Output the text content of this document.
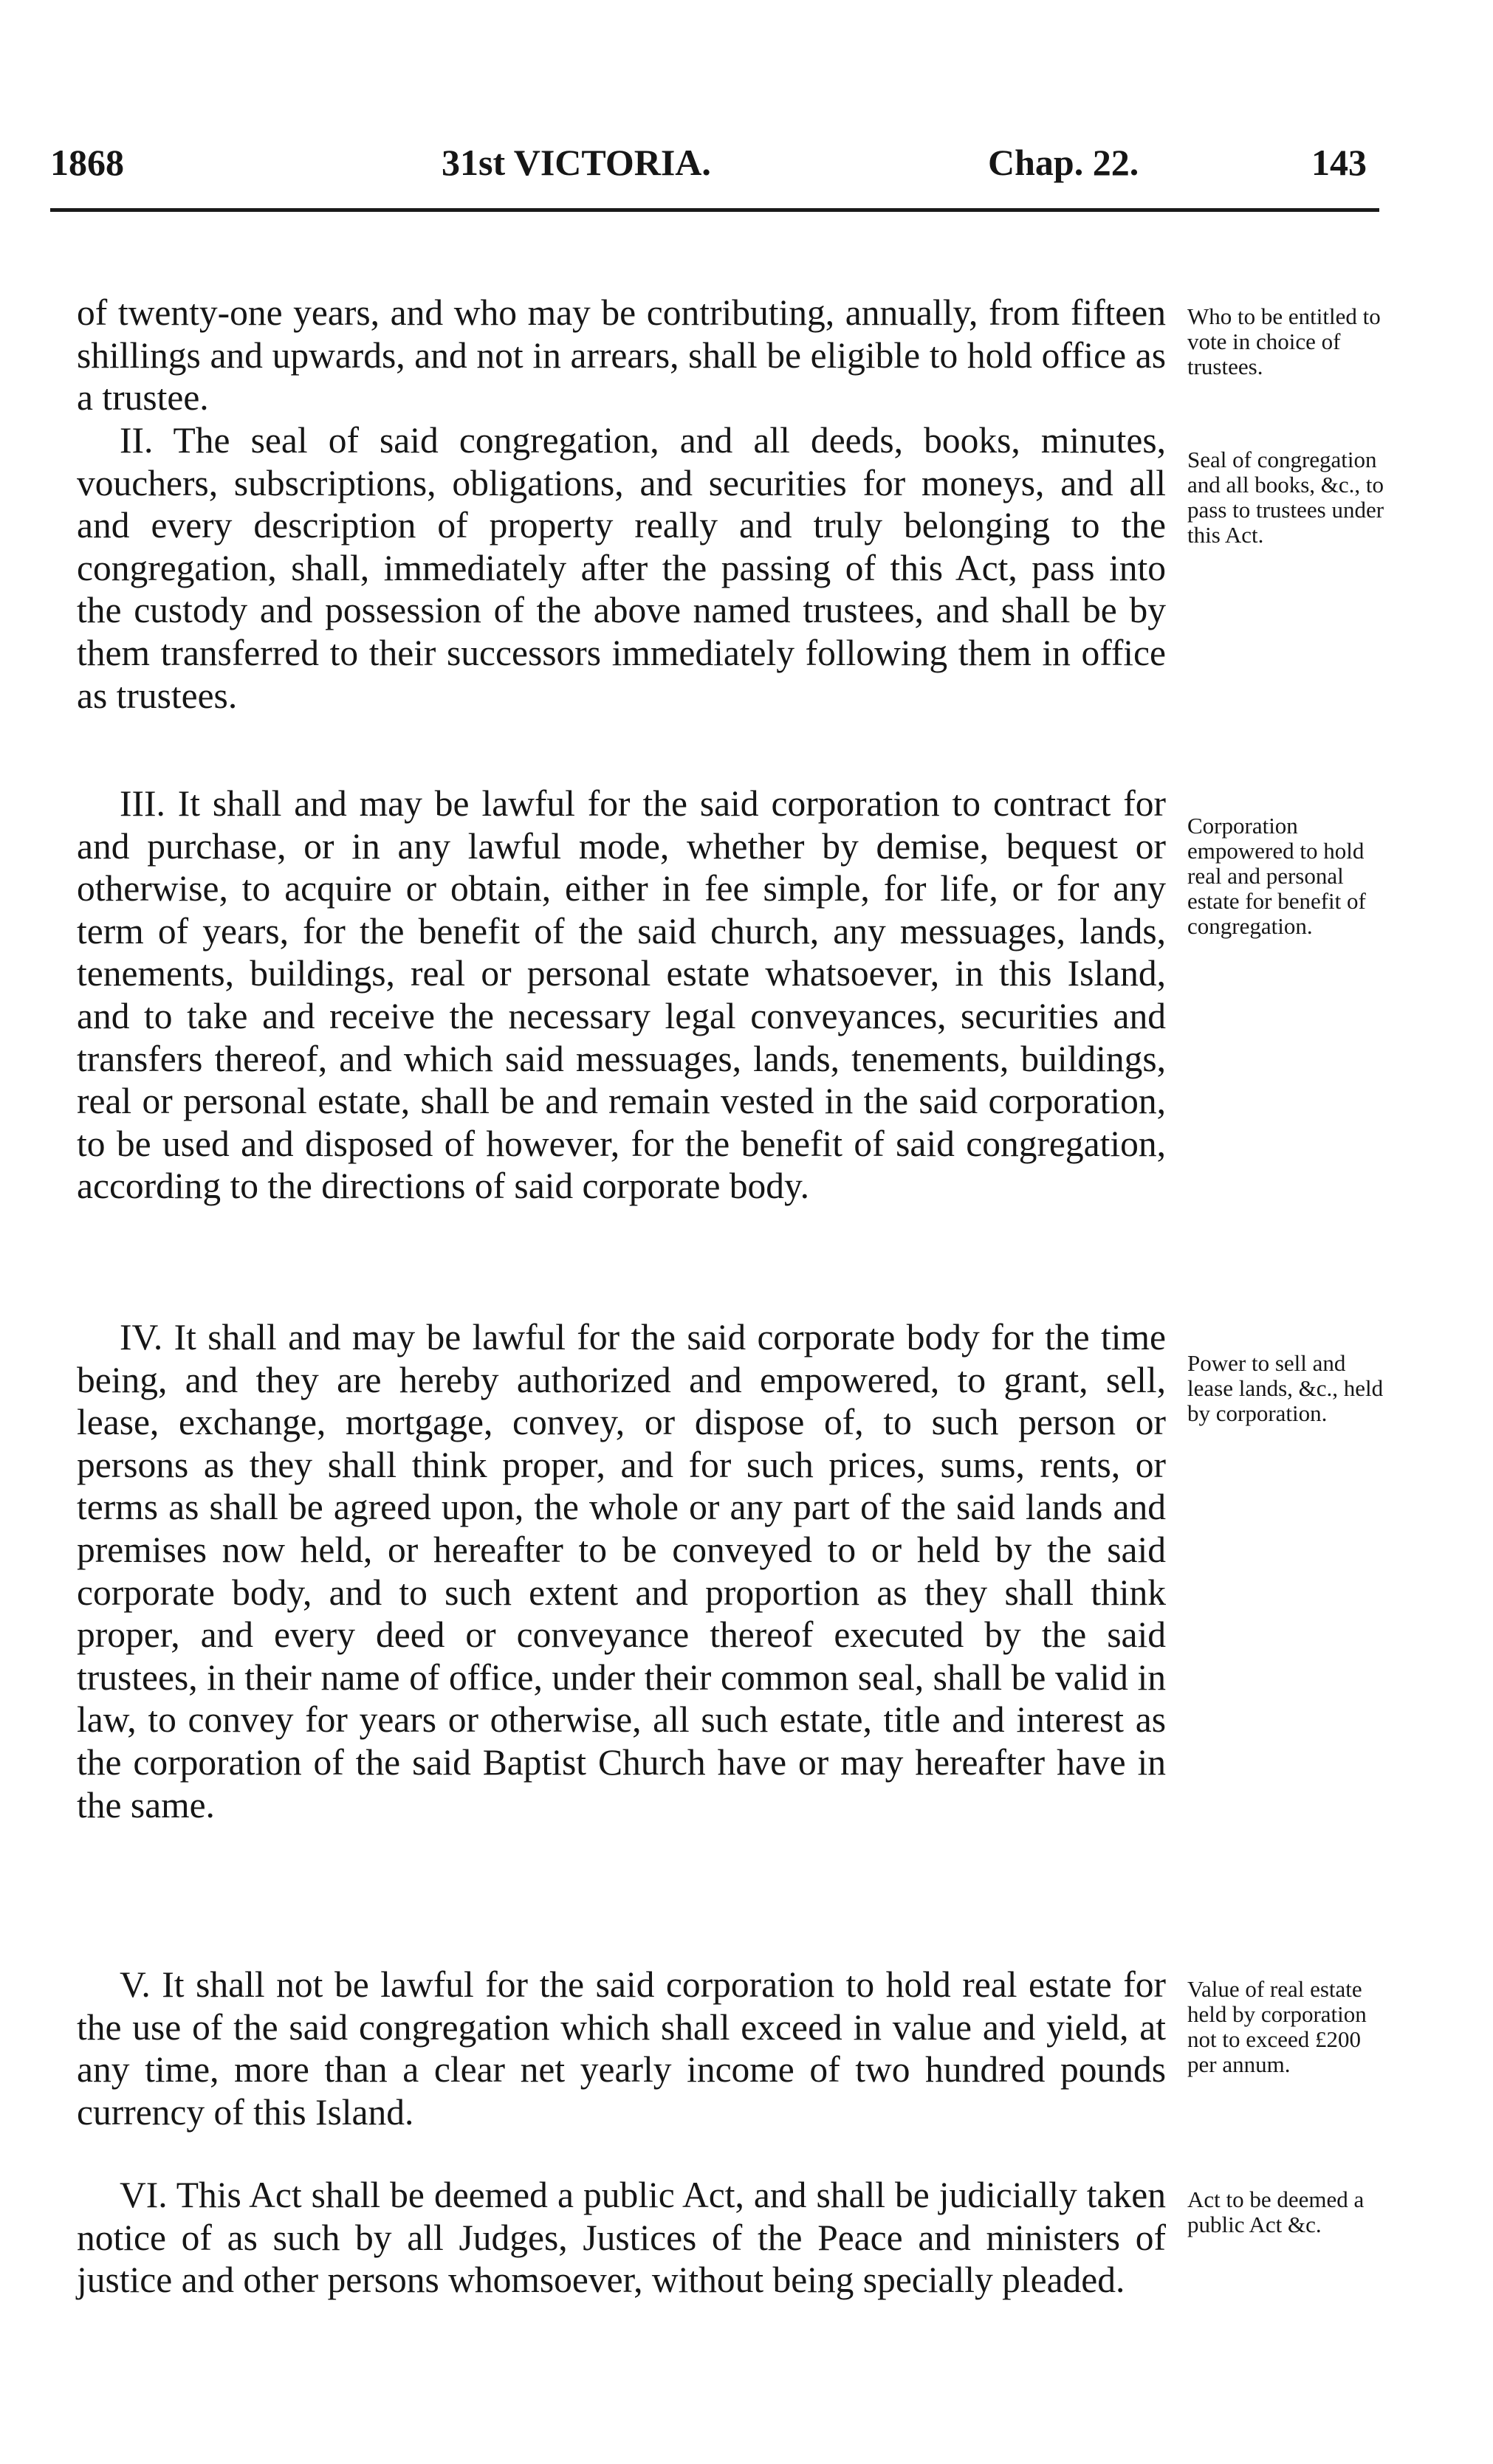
1868	31st VICTORIA.	Chap. 22.	143

of twenty-one years, and who may be contributing, annually, from fifteen shillings and upwards, and not in arrears, shall be eligible to hold office as a trustee.

Who to be entitled to vote in choice of trustees.

II. The seal of said congregation, and all deeds, books, minutes, vouchers, subscriptions, obligations, and securities for moneys, and all and every description of property really and truly belonging to the congregation, shall, immediately after the passing of this Act, pass into the custody and possession of the above named trustees, and shall be by them transferred to their successors immediately following them in office as trustees.

Seal of congregation and all books, &c., to pass to trustees under this Act.

III. It shall and may be lawful for the said corporation to contract for and purchase, or in any lawful mode, whether by demise, bequest or otherwise, to acquire or obtain, either in fee simple, for life, or for any term of years, for the benefit of the said church, any messuages, lands, tenements, buildings, real or personal estate whatsoever, in this Island, and to take and receive the necessary legal conveyances, securities and transfers thereof, and which said messuages, lands, tenements, buildings, real or personal estate, shall be and remain vested in the said corporation, to be used and disposed of however, for the benefit of said congregation, according to the directions of said corporate body.

Corporation empowered to hold real and personal estate for benefit of congregation.

IV. It shall and may be lawful for the said corporate body for the time being, and they are hereby authorized and empowered, to grant, sell, lease, exchange, mortgage, convey, or dispose of, to such person or persons as they shall think proper, and for such prices, sums, rents, or terms as shall be agreed upon, the whole or any part of the said lands and premises now held, or hereafter to be conveyed to or held by the said corporate body, and to such extent and proportion as they shall think proper, and every deed or conveyance thereof executed by the said trustees, in their name of office, under their common seal, shall be valid in law, to convey for years or otherwise, all such estate, title and interest as the corporation of the said Baptist Church have or may hereafter have in the same.

Power to sell and lease lands, &c., held by corporation.

V. It shall not be lawful for the said corporation to hold real estate for the use of the said congregation which shall exceed in value and yield, at any time, more than a clear net yearly income of two hundred pounds currency of this Island.

Value of real estate held by corporation not to exceed £200 per annum.

VI. This Act shall be deemed a public Act, and shall be judicially taken notice of as such by all Judges, Justices of the Peace and ministers of justice and other persons whomsoever, without being specially pleaded.

Act to be deemed a public Act &c.
